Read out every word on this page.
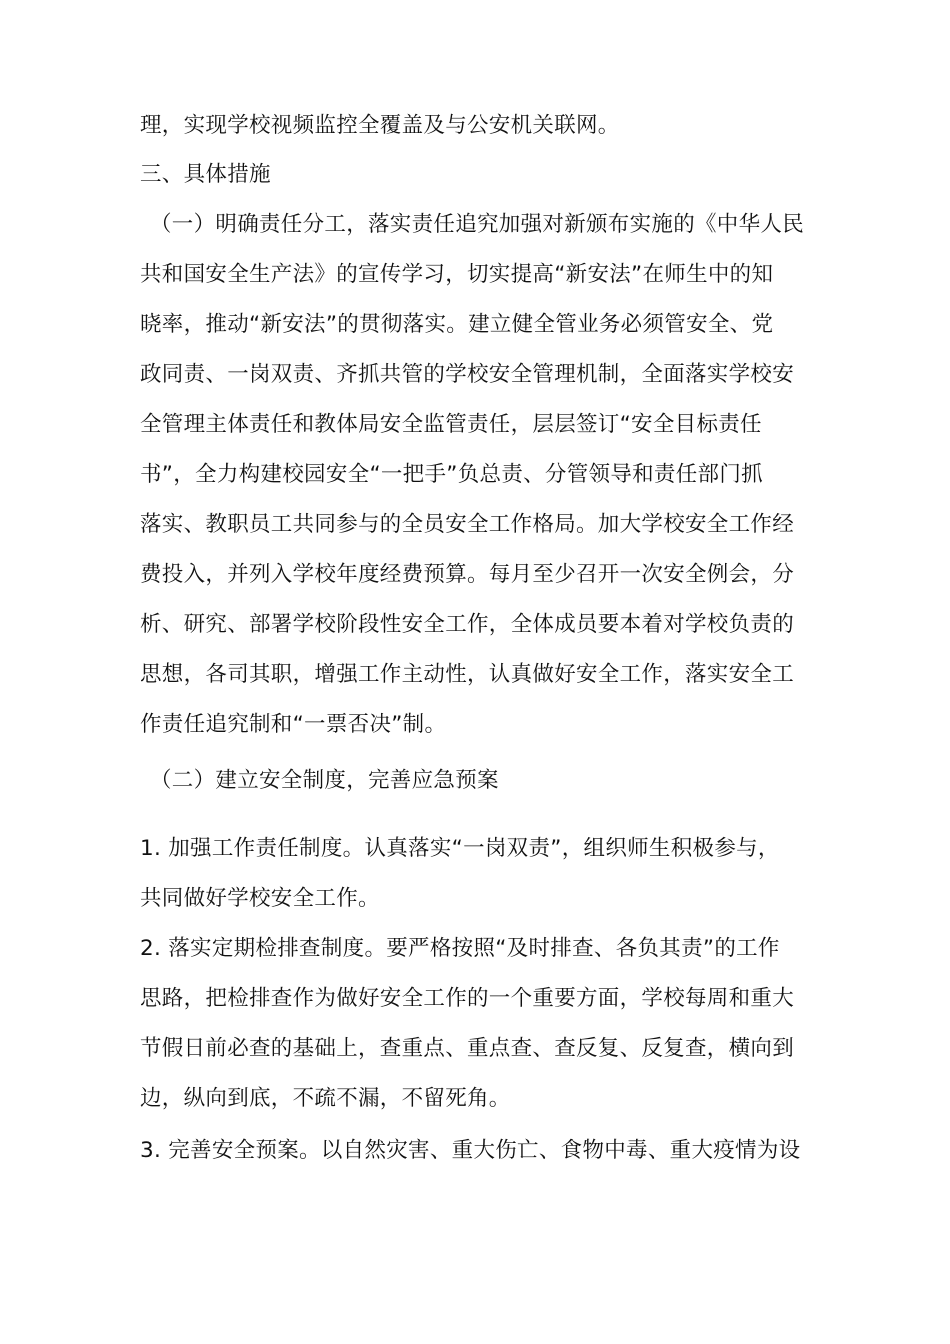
理，实现学校视频监控全覆盖及与公安机关联网。
三、具体措施
（一）明确责任分工，落实责任追究加强对新颁布实施的《中华人民
共和国安全生产法》的宣传学习，切实提高“新安法”在师生中的知
晓率，推动“新安法”的贯彻落实。建立健全管业务必须管安全、党
政同责、一岗双责、齐抓共管的学校安全管理机制，全面落实学校安
全管理主体责任和教体局安全监管责任，层层签订“安全目标责任
书”，全力构建校园安全“一把手”负总责、分管领导和责任部门抓
落实、教职员工共同参与的全员安全工作格局。加大学校安全工作经
费投入，并列入学校年度经费预算。每月至少召开一次安全例会，分
析、研究、部署学校阶段性安全工作，全体成员要本着对学校负责的
思想，各司其职，增强工作主动性，认真做好安全工作，落实安全工
作责任追究制和“一票否决”制。
（二）建立安全制度，完善应急预案
1. 加强工作责任制度。认真落实“一岗双责”，组织师生积极参与，
共同做好学校安全工作。
2. 落实定期检排查制度。要严格按照“及时排查、各负其责”的工作
思路，把检排查作为做好安全工作的一个重要方面，学校每周和重大
节假日前必查的基础上，查重点、重点查、查反复、反复查，横向到
边，纵向到底，不疏不漏，不留死角。
3. 完善安全预案。以自然灾害、重大伤亡、食物中毒、重大疫情为设
